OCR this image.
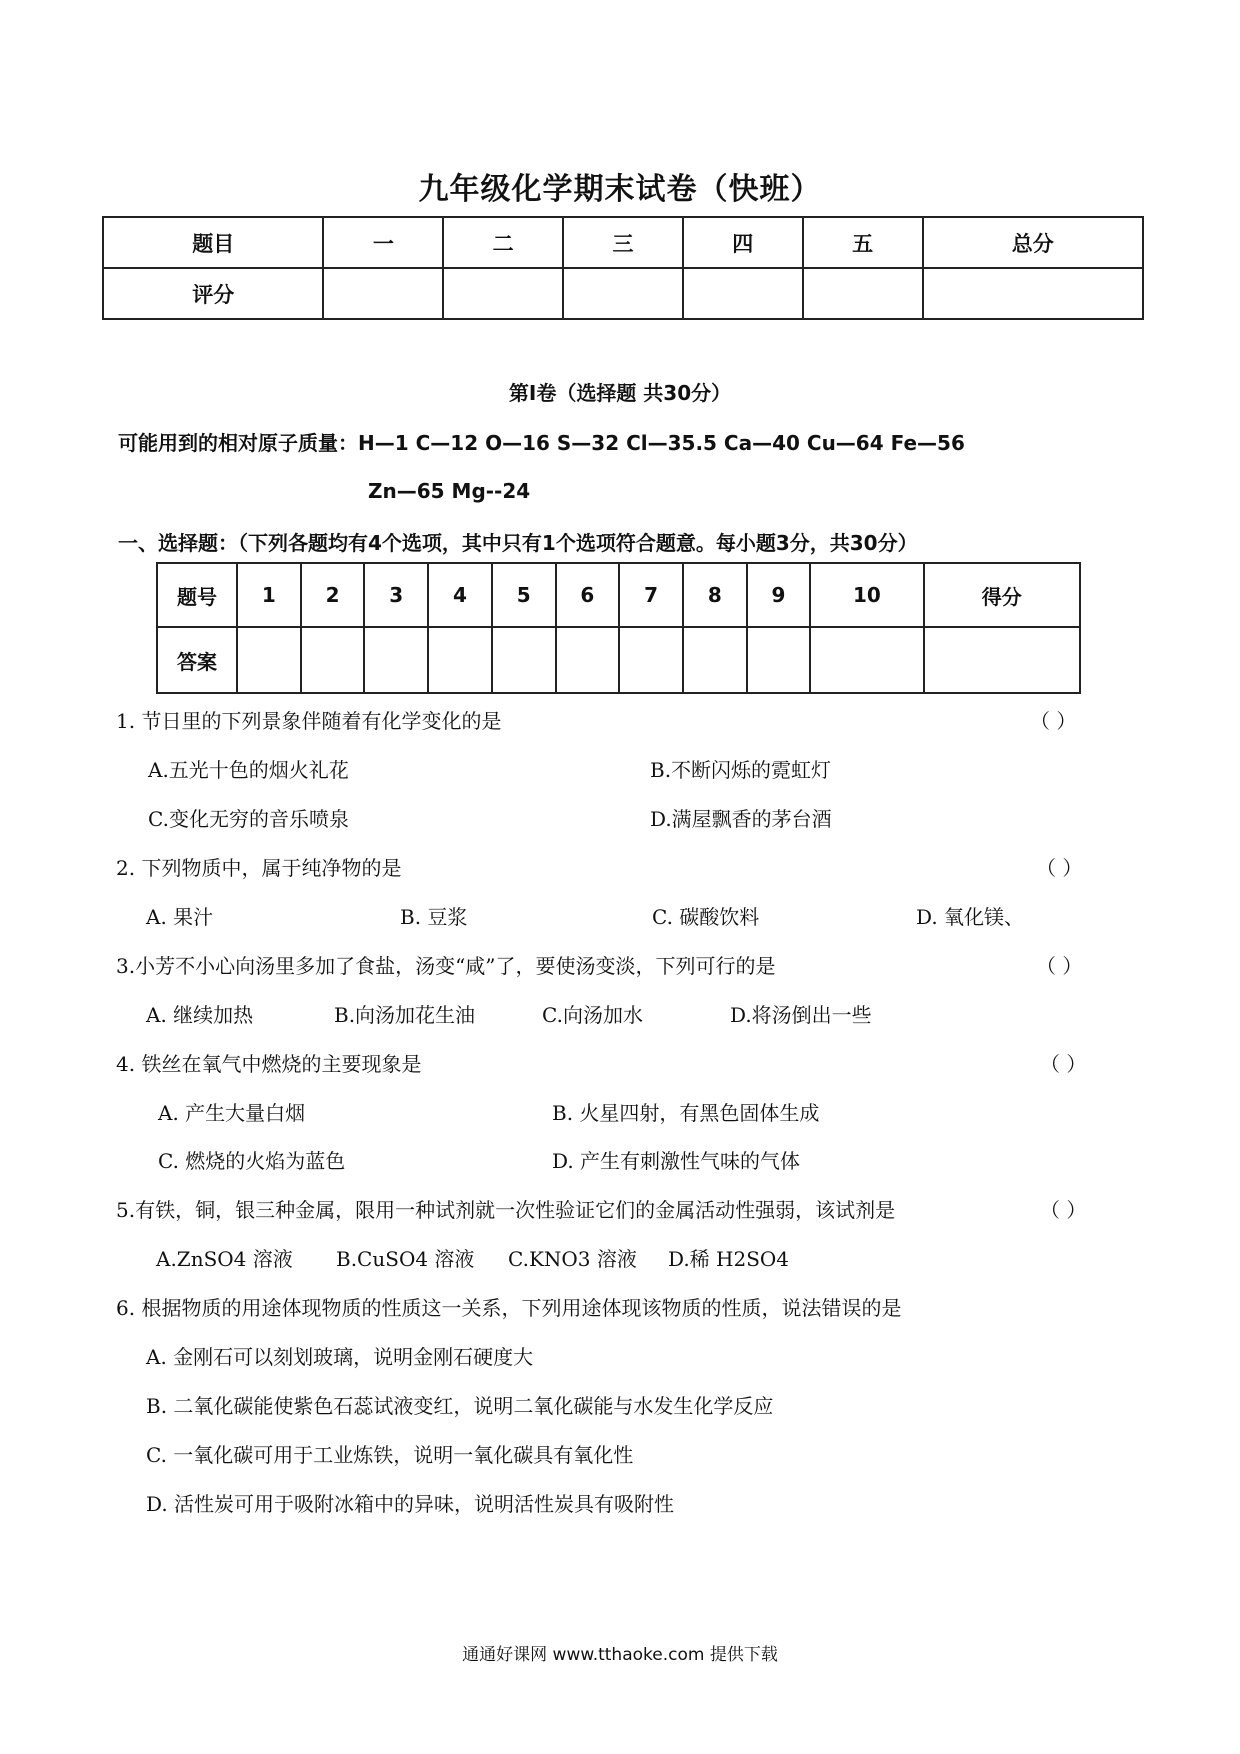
九年级化学期末试卷（快班）
题目	一	二	三	四	五	总分
评分						
第Ⅰ卷（选择题 共30分）
可能用到的相对原子质量：H—1 C—12 O—16 S—32 Cl—35.5 Ca—40 Cu—64 Fe—56
Zn—65 Mg--24
一、选择题：（下列各题均有4个选项，其中只有1个选项符合题意。每小题3分，共30分）
题号	1	2	3	4	5	6	7	8	9	10	得分
答案											
1. 节日里的下列景象伴随着有化学变化的是	（ ）
A.五光十色的烟火礼花	B.不断闪烁的霓虹灯
C.变化无穷的音乐喷泉	D.满屋飘香的茅台酒
2. 下列物质中，属于纯净物的是	（ ）
A. 果汁	B. 豆浆	C. 碳酸饮料	D. 氧化镁、
3.小芳不小心向汤里多加了食盐，汤变“咸”了，要使汤变淡，下列可行的是	（ ）
A. 继续加热	B.向汤加花生油	C.向汤加水	D.将汤倒出一些
4. 铁丝在氧气中燃烧的主要现象是	（ ）
A. 产生大量白烟	B. 火星四射，有黑色固体生成
C. 燃烧的火焰为蓝色	D. 产生有刺激性气味的气体
5.有铁，铜，银三种金属，限用一种试剂就一次性验证它们的金属活动性强弱，该试剂是	（ ）
A.ZnSO4 溶液 B.CuSO4 溶液 C.KNO3 溶液 D.稀 H2SO4
6. 根据物质的用途体现物质的性质这一关系，下列用途体现该物质的性质，说法错误的是
A. 金刚石可以刻划玻璃，说明金刚石硬度大
B. 二氧化碳能使紫色石蕊试液变红，说明二氧化碳能与水发生化学反应
C. 一氧化碳可用于工业炼铁，说明一氧化碳具有氧化性
D. 活性炭可用于吸附冰箱中的异味，说明活性炭具有吸附性
通通好课网 www.tthaoke.com 提供下载
